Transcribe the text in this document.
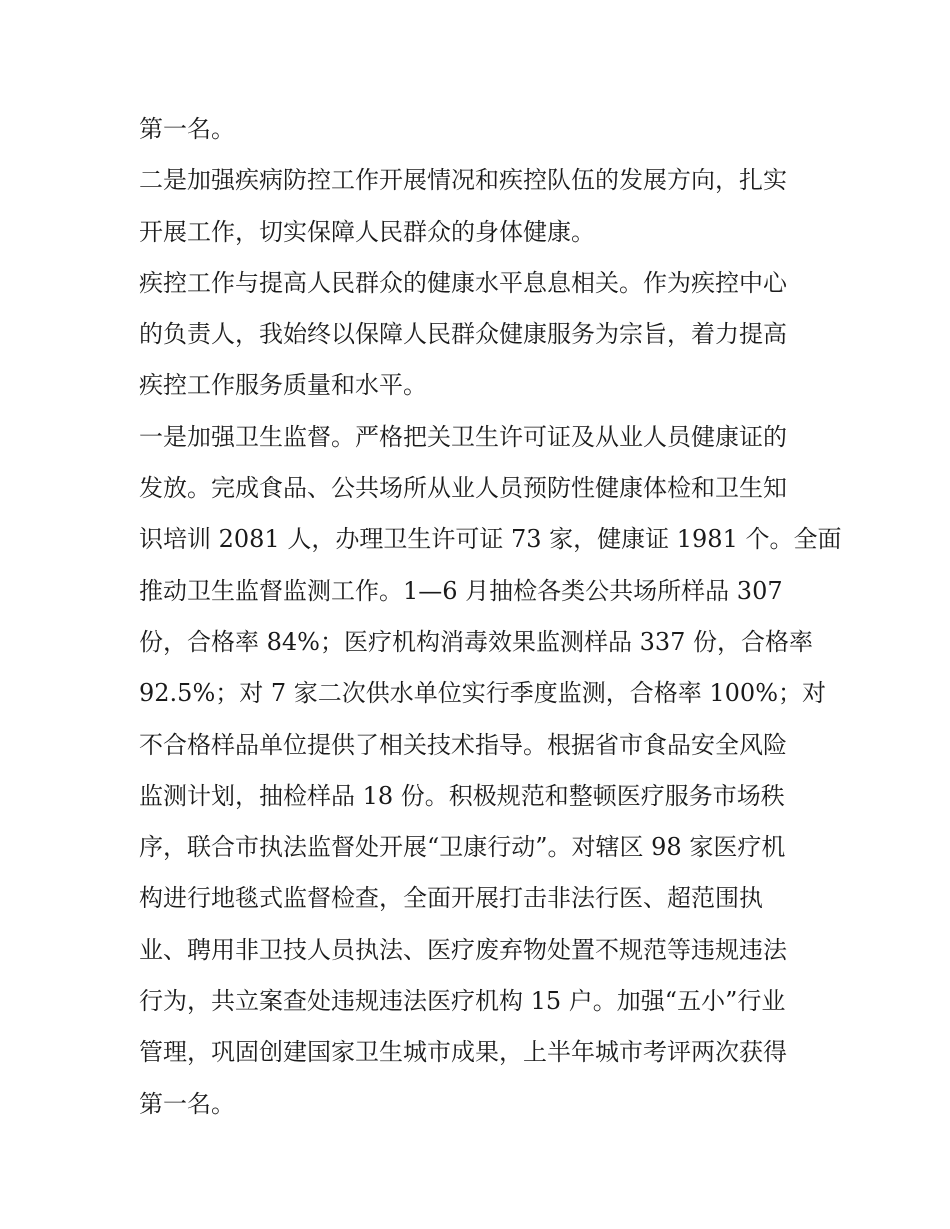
第一名。

二是加强疾病防控工作开展情况和疾控队伍的发展方向，扎实

开展工作，切实保障人民群众的身体健康。

疾控工作与提高人民群众的健康水平息息相关。作为疾控中心

的负责人，我始终以保障人民群众健康服务为宗旨，着力提高

疾控工作服务质量和水平。

一是加强卫生监督。严格把关卫生许可证及从业人员健康证的

发放。完成食品、公共场所从业人员预防性健康体检和卫生知

识培训 2081 人，办理卫生许可证 73 家，健康证 1981 个。全面

推动卫生监督监测工作。1—6 月抽检各类公共场所样品 307

份，合格率 84%；医疗机构消毒效果监测样品 337 份，合格率

92.5%；对 7 家二次供水单位实行季度监测，合格率 100%；对

不合格样品单位提供了相关技术指导。根据省市食品安全风险

监测计划，抽检样品 18 份。积极规范和整顿医疗服务市场秩

序，联合市执法监督处开展“卫康行动”。对辖区 98 家医疗机

构进行地毯式监督检查，全面开展打击非法行医、超范围执

业、聘用非卫技人员执法、医疗废弃物处置不规范等违规违法

行为，共立案查处违规违法医疗机构 15 户。加强“五小”行业

管理，巩固创建国家卫生城市成果，上半年城市考评两次获得

第一名。
